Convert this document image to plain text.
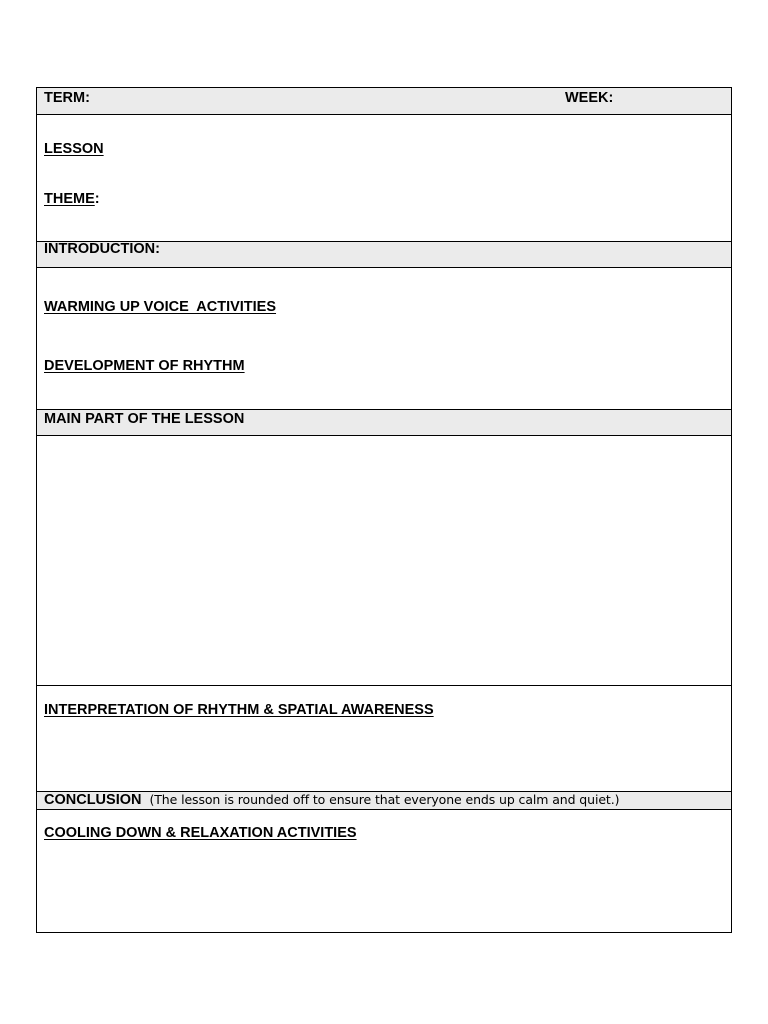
TERM:	WEEK:
LESSON
THEME:
INTRODUCTION:
WARMING UP VOICE  ACTIVITIES
DEVELOPMENT OF RHYTHM
MAIN PART OF THE LESSON
INTERPRETATION OF RHYTHM & SPATIAL AWARENESS
CONCLUSION (The lesson is rounded off to ensure that everyone ends up calm and quiet.)
COOLING DOWN & RELAXATION ACTIVITIES
